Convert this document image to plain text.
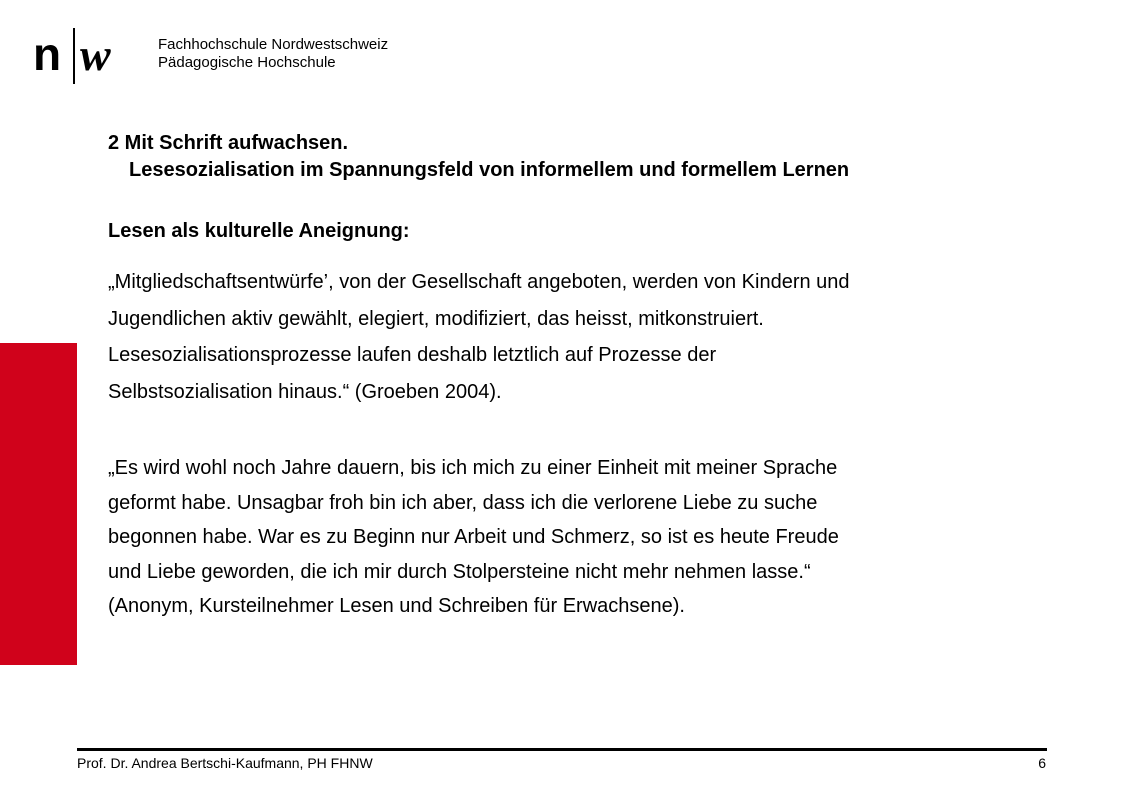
n w	Fachhochschule Nordwestschweiz
Pädagogische Hochschule
2 Mit Schrift aufwachsen.
Lesesozialisation im Spannungsfeld von informellem und formellem Lernen
Lesen als kulturelle Aneignung:
„Mitgliedschaftsentwürfe’, von der Gesellschaft angeboten, werden von Kindern und
Jugendlichen aktiv gewählt, elegiert, modifiziert, das heisst, mitkonstruiert.
Lesesozialisationsprozesse laufen deshalb letztlich auf Prozesse der
Selbstsozialisation hinaus.“ (Groeben 2004).
„Es wird wohl noch Jahre dauern, bis ich mich zu einer Einheit mit meiner Sprache
geformt habe. Unsagbar froh bin ich aber, dass ich die verlorene Liebe zu suche
begonnen habe. War es zu Beginn nur Arbeit und Schmerz, so ist es heute Freude
und Liebe geworden, die ich mir durch Stolpersteine nicht mehr nehmen lasse.“
(Anonym, Kursteilnehmer Lesen und Schreiben für Erwachsene).
Prof. Dr. Andrea Bertschi-Kaufmann, PH FHNW	6
